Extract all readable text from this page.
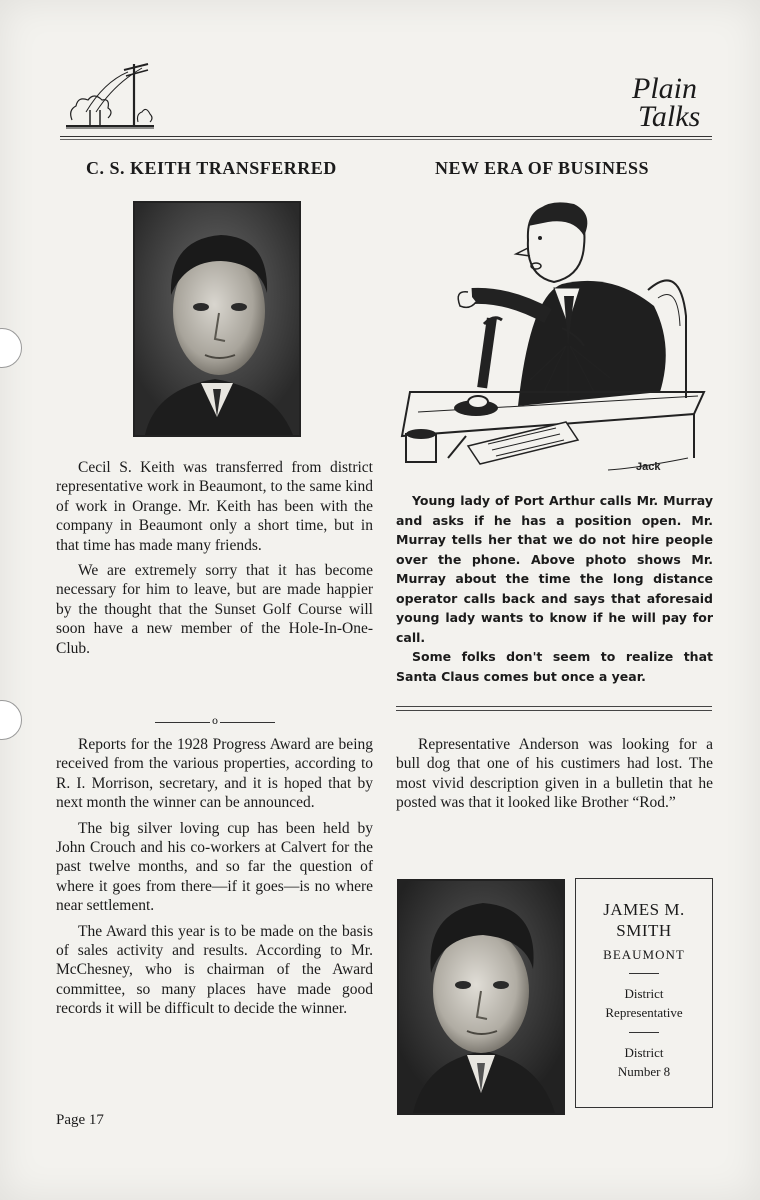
Plain
Talks
C. S. KEITH TRANSFERRED

Cecil S. Keith was transferred from district representative work in Beaumont, to the same kind of work in Orange. Mr. Keith has been with the company in Beaumont only a short time, but in that time has made many friends.

We are extremely sorry that it has become necessary for him to leave, but are made happier by the thought that the Sunset Golf Course will soon have a new member of the Hole-In-One-Club.

o

Reports for the 1928 Progress Award are being received from the various properties, according to R. I. Morrison, secretary, and it is hoped that by next month the winner can be announced.

The big silver loving cup has been held by John Crouch and his co-workers at Calvert for the past twelve months, and so far the question of where it goes from there—if it goes—is no where near settlement.

The Award this year is to be made on the basis of sales activity and results. According to Mr. McChesney, who is chairman of the Award committee, so many places have made good records it will be difficult to decide the winner.

Page 17
NEW ERA OF BUSINESS
Jack

Young lady of Port Arthur calls Mr. Murray and asks if he has a position open. Mr. Murray tells her that we do not hire people over the phone. Above photo shows Mr. Murray about the time the long distance operator calls back and says that aforesaid young lady wants to know if he will pay for call.

Some folks don't seem to realize that Santa Claus comes but once a year.

Representative Anderson was looking for a bull dog that one of his custimers had lost. The most vivid description given in a bulletin that he posted was that it looked like Brother “Rod.”

JAMES M.
SMITH
BEAUMONT
District
Representative
District
Number 8
